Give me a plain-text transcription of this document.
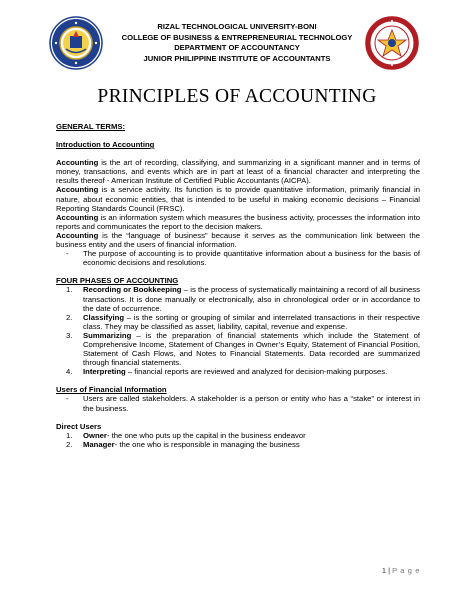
RIZAL TECHNOLOGICAL UNIVERSITY-BONI
COLLEGE OF BUSINESS & ENTREPRENEURIAL TECHNOLOGY
DEPARTMENT OF ACCOUNTANCY
JUNIOR PHILIPPINE INSTITUTE OF ACCOUNTANTS
PRINCIPLES OF ACCOUNTING

GENERAL TERMS:

Introduction to Accounting

Accounting is the art of recording, classifying, and summarizing in a significant manner and in terms of money, transactions, and events which are in part at least of a financial character and interpreting the results thereof - American Institute of Certified Public Accountants (AICPA).

Accounting is a service activity. Its function is to provide quantitative information, primarily financial in nature, about economic entities, that is intended to be useful in making economic decisions – Financial Reporting Standards Council (FRSC).

Accounting is an information system which measures the business activity, processes the information into reports and communicates the report to the decision makers.

Accounting is the “language of business” because it serves as the communication link between the business entity and the users of financial information.

- The purpose of accounting is to provide quantitative information about a business for the basis of economic decisions and resolutions.

FOUR PHASES OF ACCOUNTING

1. Recording or Bookkeeping – is the process of systematically maintaining a record of all business transactions. It is done manually or electronically, also in chronological order or in accordance to the date of occurrence.
2. Classifying – is the sorting or grouping of similar and interrelated transactions in their respective class. They may be classified as asset, liability, capital, revenue and expense.
3. Summarizing – is the preparation of financial statements which include the Statement of Comprehensive Income, Statement of Changes in Owner’s Equity, Statement of Financial Position, Statement of Cash Flows, and Notes to Financial Statements. Data recorded are summarized through financial statements.
4. Interpreting – financial reports are reviewed and analyzed for decision-making purposes.

Users of Financial Information

- Users are called stakeholders. A stakeholder is a person or entity who has a “stake” or interest in the business.

Direct Users

1. Owner- the one who puts up the capital in the business endeavor
2. Manager- the one who is responsible in managing the business
1 | P a g e
